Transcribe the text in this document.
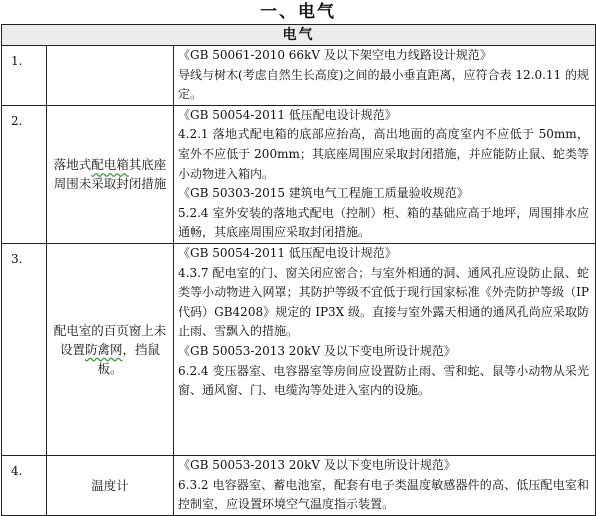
一、电气
电气		
1.		《GB 50061-2010 66kV 及以下架空电力线路设计规范》

导线与树木(考虑自然生长高度)之间的最小垂直距离，应符合表 12.0.11 的规定。

2.	落地式配电箱其底座周围未采取封闭措施	《GB 50054-2011 低压配电设计规范》

4.2.1 落地式配电箱的底部应抬高，高出地面的高度室内不应低于 50mm，室外不应低于 200mm；其底座周围应采取封闭措施，并应能防止鼠、蛇类等小动物进入箱内。

《GB 50303-2015 建筑电气工程施工质量验收规范》

5.2.4 室外安装的落地式配电（控制）柜、箱的基础应高于地坪，周围排水应通畅，其底座周围应采取封闭措施。

3.	配电室的百页窗上未设置防禽网，挡鼠板。	《GB 50054-2011 低压配电设计规范》

4.3.7 配电室的门、窗关闭应密合；与室外相通的洞、通风孔应设防止鼠、蛇类等小动物进入网罩；其防护等级不宜低于现行国家标准《外壳防护等级（IP 代码）GB4208》规定的 IP3X 级。直接与室外露天相通的通风孔尚应采取防止雨、雪飘入的措施。

《GB 50053-2013 20kV 及以下变电所设计规范》

6.2.4 变压器室、电容器室等房间应设置防止雨、雪和蛇、鼠等小动物从采光窗、通风窗、门、电缆沟等处进入室内的设施。

4.	温度计	《GB 50053-2013 20kV 及以下变电所设计规范》

6.3.2 电容器室、蓄电池室，配套有电子类温度敏感器件的高、低压配电室和控制室，应设置环境空气温度指示装置。
